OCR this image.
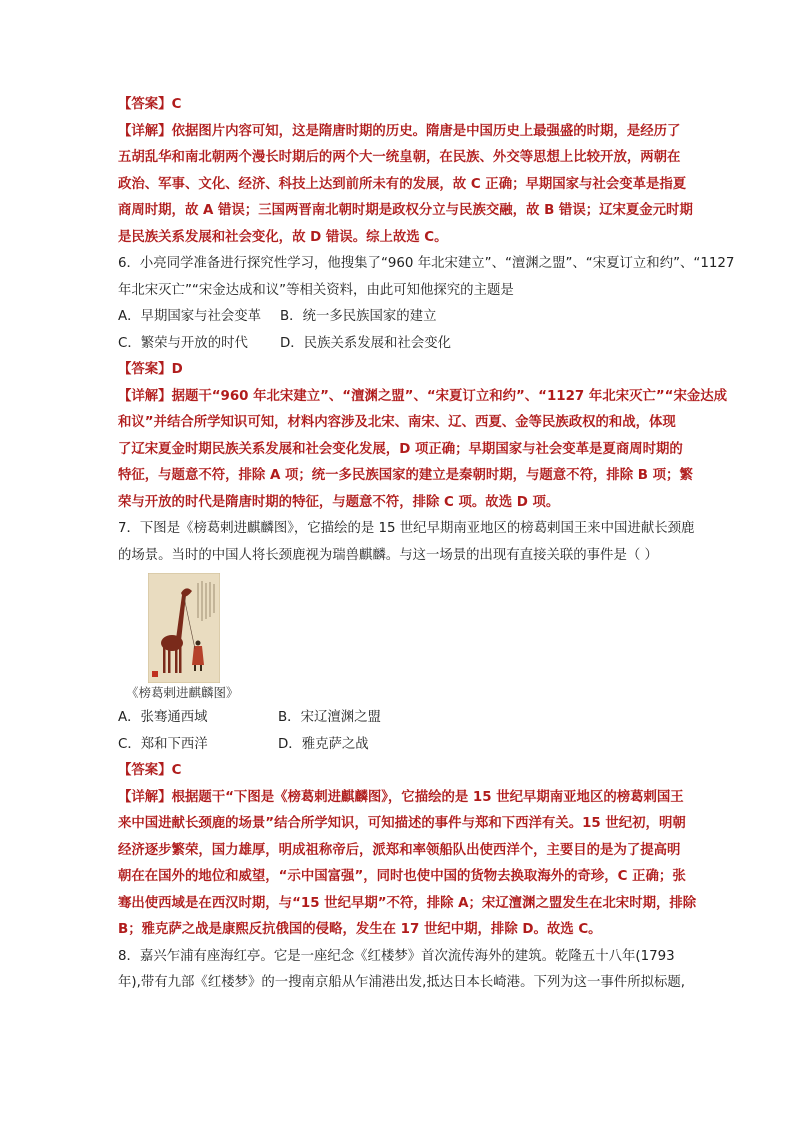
【答案】C

【详解】依据图片内容可知，这是隋唐时期的历史。隋唐是中国历史上最强盛的时期，是经历了

五胡乱华和南北朝两个漫长时期后的两个大一统皇朝，在民族、外交等思想上比较开放，两朝在

政治、军事、文化、经济、科技上达到前所未有的发展，故 C 正确；早期国家与社会变革是指夏

商周时期，故 A 错误；三国两晋南北朝时期是政权分立与民族交融，故 B 错误；辽宋夏金元时期

是民族关系发展和社会变化，故 D 错误。综上故选 C。

6．小亮同学准备进行探究性学习，他搜集了“960 年北宋建立”、“澶渊之盟”、“宋夏订立和约”、“1127

年北宋灭亡”“宋金达成和议”等相关资料，由此可知他探究的主题是

A．早期国家与社会变革	B．统一多民族国家的建立
C．繁荣与开放的时代	D．民族关系发展和社会变化

【答案】D

【详解】据题干“960 年北宋建立”、“澶渊之盟”、“宋夏订立和约”、“1127 年北宋灭亡”“宋金达成

和议”并结合所学知识可知，材料内容涉及北宋、南宋、辽、西夏、金等民族政权的和战，体现

了辽宋夏金时期民族关系发展和社会变化发展，D 项正确；早期国家与社会变革是夏商周时期的

特征，与题意不符，排除 A 项；统一多民族国家的建立是秦朝时期，与题意不符，排除 B 项；繁

荣与开放的时代是隋唐时期的特征，与题意不符，排除 C 项。故选 D 项。

7．下图是《榜葛剌进麒麟图》，它描绘的是 15 世纪早期南亚地区的榜葛剌国王来中国进献长颈鹿

的场景。当时的中国人将长颈鹿视为瑞兽麒麟。与这一场景的出现有直接关联的事件是（ ）

《榜葛剌进麒麟图》

A．张骞通西域	B．宋辽澶渊之盟
C．郑和下西洋	D．雅克萨之战

【答案】C

【详解】根据题干“下图是《榜葛剌进麒麟图》，它描绘的是 15 世纪早期南亚地区的榜葛剌国王

来中国进献长颈鹿的场景”结合所学知识，可知描述的事件与郑和下西洋有关。15 世纪初，明朝

经济逐步繁荣，国力雄厚，明成祖称帝后，派郑和率领船队出使西洋个，主要目的是为了提高明

朝在在国外的地位和威望，“示中国富强”，同时也使中国的货物去换取海外的奇珍，C 正确；张

骞出使西域是在西汉时期，与“15 世纪早期”不符，排除 A；宋辽澶渊之盟发生在北宋时期，排除

B；雅克萨之战是康熙反抗俄国的侵略，发生在 17 世纪中期，排除 D。故选 C。

8．嘉兴乍浦有座海红亭。它是一座纪念《红楼梦》首次流传海外的建筑。乾隆五十八年(1793

年),带有九部《红楼梦》的一搜南京船从乍浦港出发,抵达日本长崎港。下列为这一事件所拟标题,
